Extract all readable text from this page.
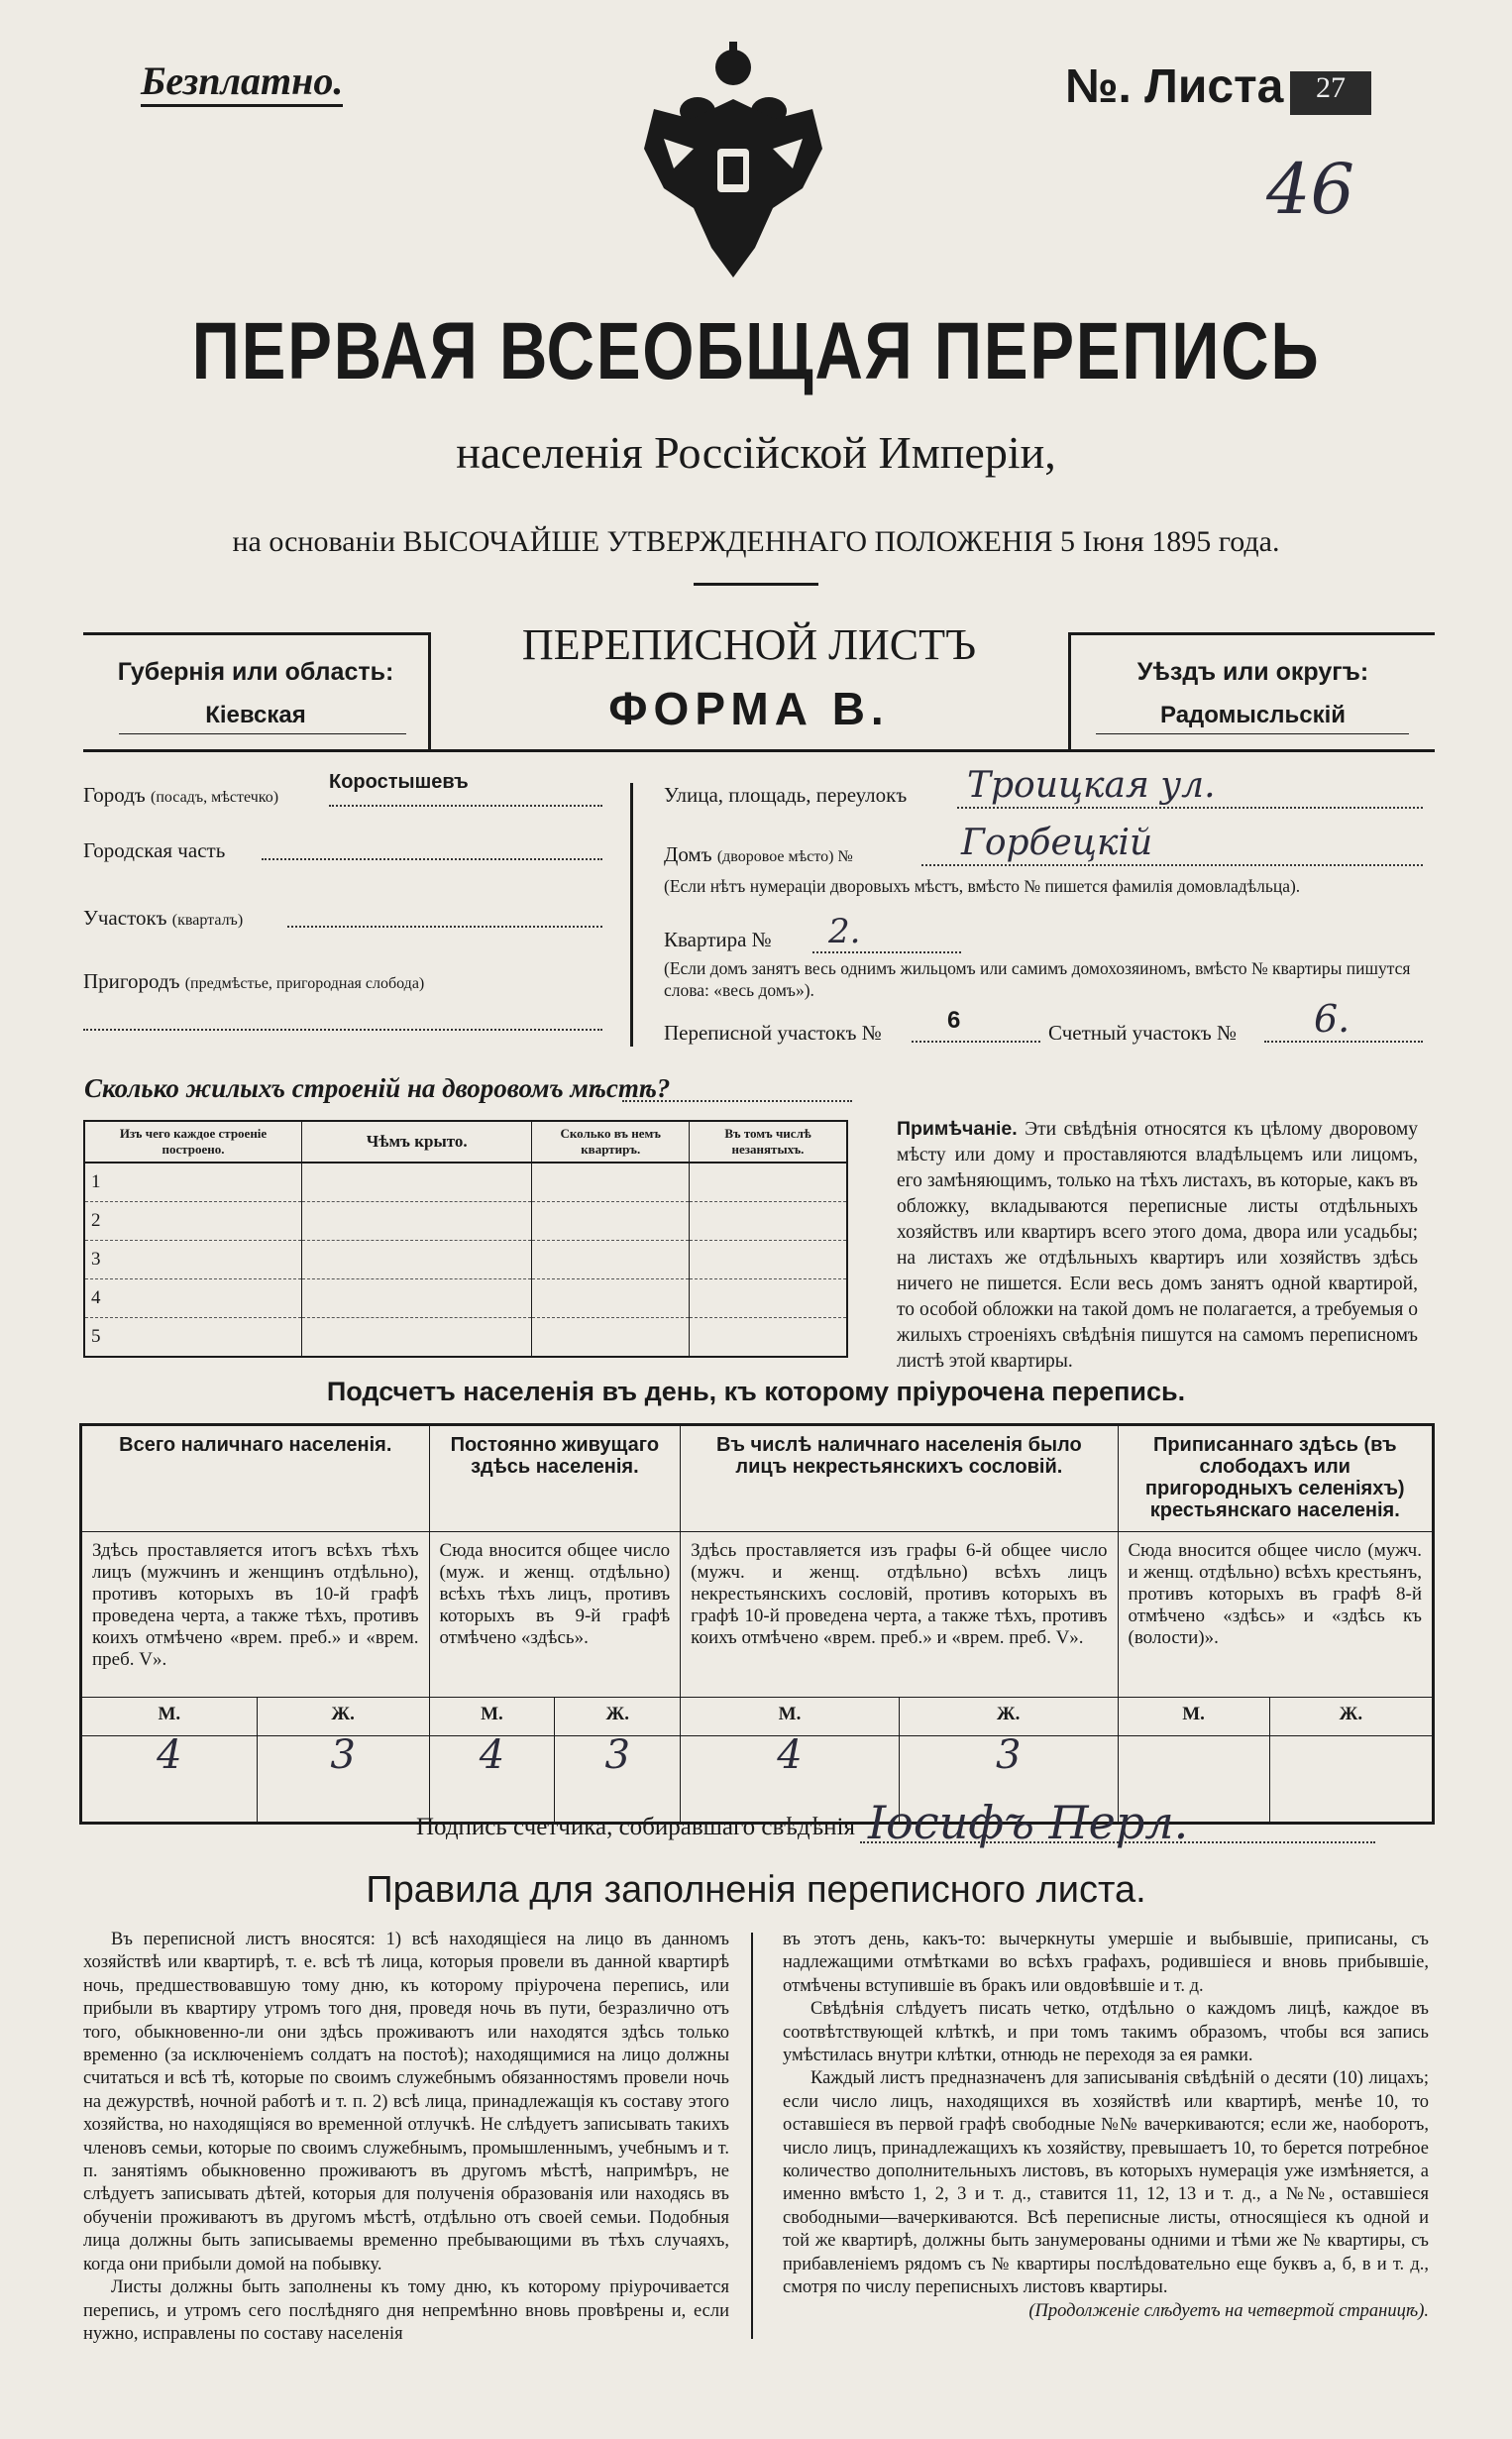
Безплатно.	№. Листа	27
46
ПЕРВАЯ ВСЕОБЩАЯ ПЕРЕПИСЬ
населенія Россійской Имперіи,
на основаніи ВЫСОЧАЙШЕ УТВЕРЖДЕННАГО ПОЛОЖЕНІЯ 5 Іюня 1895 года.
Губернія или область:
Кіевская
ПЕРЕПИСНОЙ ЛИСТЪ
ФОРМА В.
Уѣздъ или округъ:
Радомысльскій
Городъ (посадъ, мѣстечко)
Коростышевъ
Городская часть
Участокъ (кварталъ)
Пригородъ (предмѣстье, пригородная слобода)
Улица, площадь, переулокъ Троицкая ул.
Домъ (дворовое мѣсто) №	Горбецкій
(Если нѣтъ нумераціи дворовыхъ мѣстъ, вмѣсто № пишется фамилія домовладѣльца).
Квартира № 2.
(Если домъ занятъ весь однимъ жильцомъ или самимъ домохозяиномъ, вмѣсто № квартиры пишутся слова: «весь домъ»).
Переписной участокъ №	6	Счетный участокъ № 6.
Сколько жилыхъ строеній на дворовомъ мѣстѣ?
Изъ чего каждое строеніе построено.	Чѣмъ крыто.	Сколько въ немъ квартиръ.	Въ томъ числѣ незанятыхъ.
1			
2			
3			
4			
5			
Примѣчаніе. Эти свѣдѣнія относятся къ цѣлому дворовому мѣсту или дому и проставляются владѣльцемъ или лицомъ, его замѣняющимъ, только на тѣхъ листахъ, въ которые, какъ въ обложку, вкладываются переписные листы отдѣльныхъ хозяйствъ или квартиръ всего этого дома, двора или усадьбы; на листахъ же отдѣльныхъ квартиръ или хозяйствъ здѣсь ничего не пишется. Если весь домъ занятъ одной квартирой, то особой обложки на такой домъ не полагается, а требуемыя о жилыхъ строеніяхъ свѣдѣнія пишутся на самомъ переписномъ листѣ этой квартиры.
Подсчетъ населенія въ день, къ которому пріурочена перепись.
Всего наличнаго населенія.		Постоянно живущаго здѣсь населенія.		Въ числѣ наличнаго населенія было лицъ некрестьянскихъ сословій.		Приписаннаго здѣсь (въ слободахъ или пригородныхъ селеніяхъ) крестьянскаго населенія.	
Здѣсь проставляется итогъ всѣхъ тѣхъ лицъ (мужчинъ и женщинъ отдѣльно), противъ которыхъ въ 10-й графѣ проведена черта, а также тѣхъ, противъ коихъ отмѣчено «врем. преб.» и «врем. преб. V».		Сюда вносится общее число (муж. и женщ. отдѣльно) всѣхъ тѣхъ лицъ, противъ которыхъ въ 9-й графѣ отмѣчено «здѣсь».		Здѣсь проставляется изъ графы 6-й общее число (мужч. и женщ. отдѣльно) всѣхъ лицъ некрестьянскихъ сословій, противъ которыхъ въ графѣ 10-й проведена черта, а также тѣхъ, противъ коихъ отмѣчено «врем. преб.» и «врем. преб. V».		Сюда вносится общее число (мужч. и женщ. отдѣльно) всѣхъ крестьянъ, противъ которыхъ въ графѣ 8-й отмѣчено «здѣсь» и «здѣсь къ (волости)».	
М.	Ж.	М.	Ж.	М.	Ж.	М.	Ж.
4	3	4	3	4	3		
Подпись счетчика, собиравшаго свѣдѣнія Іосифъ Перл.
Правила для заполненія переписного листа.

Въ переписной листъ вносятся: 1) всѣ находящіеся на лицо въ данномъ хозяйствѣ или квартирѣ, т. е. всѣ тѣ лица, которыя провели въ данной квартирѣ ночь, предшествовавшую тому дню, къ которому пріурочена перепись, или прибыли въ квартиру утромъ того дня, проведя ночь въ пути, безразлично отъ того, обыкновенно-ли они здѣсь проживаютъ или находятся здѣсь только временно (за исключеніемъ солдатъ на постоѣ); находящимися на лицо должны считаться и всѣ тѣ, которые по своимъ служебнымъ обязанностямъ провели ночь на дежурствѣ, ночной работѣ и т. п. 2) всѣ лица, принадлежащія къ составу этого хозяйства, но находящіяся во временной отлучкѣ. Не слѣдуетъ записывать такихъ членовъ семьи, которые по своимъ служебнымъ, промышленнымъ, учебнымъ и т. п. занятіямъ обыкновенно проживаютъ въ другомъ мѣстѣ, напримѣръ, не слѣдуетъ записывать дѣтей, которыя для полученія образованія или находясь въ обученіи проживаютъ въ другомъ мѣстѣ, отдѣльно отъ своей семьи. Подобныя лица должны быть записываемы временно пребывающими въ тѣхъ случаяхъ, когда они прибыли домой на побывку.

Листы должны быть заполнены къ тому дню, къ которому пріурочивается перепись, и утромъ сего послѣдняго дня непремѣнно вновь провѣрены и, если нужно, исправлены по составу населенія

въ этотъ день, какъ-то: вычеркнуты умершіе и выбывшіе, приписаны, съ надлежащими отмѣтками во всѣхъ графахъ, родившіеся и вновь прибывшіе, отмѣчены вступившіе въ бракъ или овдовѣвшіе и т. д.

Свѣдѣнія слѣдуетъ писать четко, отдѣльно о каждомъ лицѣ, каждое въ соотвѣтствующей клѣткѣ, и при томъ такимъ образомъ, чтобы вся запись умѣстилась внутри клѣтки, отнюдь не переходя за ея рамки.

Каждый листъ предназначенъ для записыванія свѣдѣній о десяти (10) лицахъ; если число лицъ, находящихся въ хозяйствѣ или квартирѣ, менѣе 10, то оставшіеся въ первой графѣ свободные №№ вачеркиваются; если же, наоборотъ, число лицъ, принадлежащихъ къ хозяйству, превышаетъ 10, то берется потребное количество дополнительныхъ листовъ, въ которыхъ нумерація уже измѣняется, а именно вмѣсто 1, 2, 3 и т. д., ставится 11, 12, 13 и т. д., а №№, оставшіеся свободными—вачеркиваются. Всѣ переписные листы, относящіеся къ одной и той же квартирѣ, должны быть занумерованы одними и тѣми же № квартиры, съ прибавленіемъ рядомъ съ № квартиры послѣдовательно еще буквъ а, б, в и т. д., смотря по числу переписныхъ листовъ квартиры.

(Продолженіе слѣдуетъ на четвертой страницѣ).
